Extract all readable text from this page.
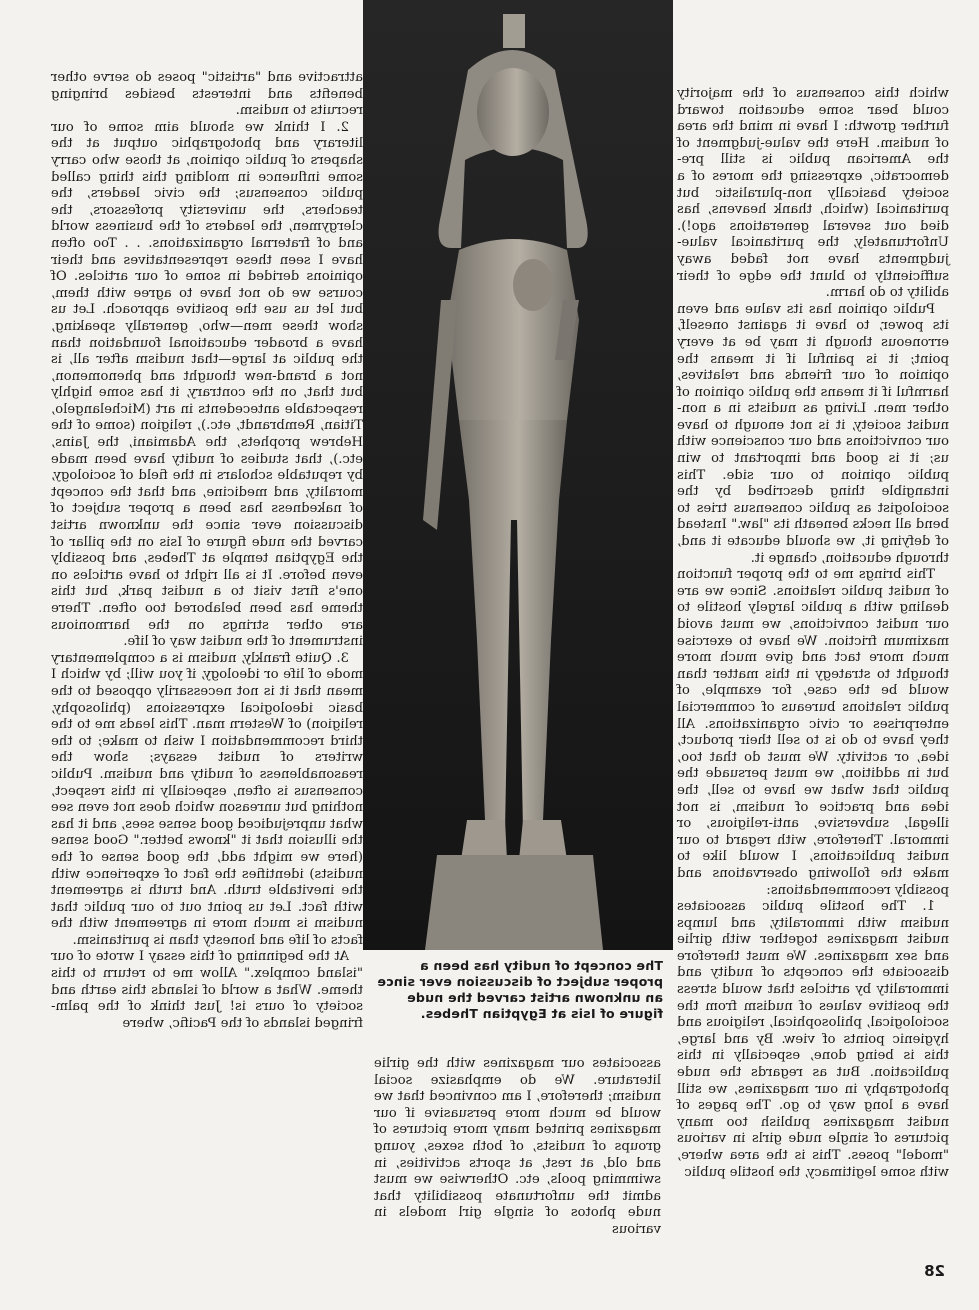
attractive and "artistic" poses do serve other benefits and interests besides bringing recruits to nudism.

2. I think we should aim some of our literary and photographic output at the shapers of public opinion, at those who carry some influence in molding this thing called public consensus; the civic leaders, the teachers, the university professors, the clergymen, the leaders of the business world and of fraternal organizations. . . Too often have I seen these representatives and their opinions derided in some of our articles. Of course we do not have to agree with them, but let us use the positive approach. Let us show these men—who, generally speaking, have a broader educational foundation than the public at large—that nudism after all, is not a brand-new thought and phenomenon, but that, on the contrary, it has some highly respectable antecedents in art (Michelangelo, Titian, Rembrandt, etc.), religion (some of the Hebrew prophets, the Adamiani, the Jains, etc.), that studies of nudity have been made by reputable scholars in the field of sociology, morality, and medicine, and that the concept of nakedness has been a proper subject of discussion ever since the unknown artist carved the nude figure of Isis on the pillar of the Egyptian temple at Thebes, and possibly even before. It is all right to have articles on one's first visit to a nudist park, but this theme has been belabored too often. There are other strings on the harmonious instrument of the nudist way of life.

3. Quite frankly, nudism is a complementary mode of life or ideology, if you will; by which I mean that it is not necessarily opposed to the basic ideological expressions (philosophy, religion) of Western man. This leads me to the third recommendation I wish to make; to the writers of nudist essays; show the reasonableness of nudity and nudism. Public consensus is often, especially in this respect, nothing but unreason which does not even see what unprejudiced good sense sees, and it has the illusion that it "knows better." Good sense (here we might add, the good sense of the nudists) identifies the fact of experience with the inevitable truth. And truth is agreement with fact. Let us point out to our public that nudism is much more in agreement with the facts of life and honesty than is puritanism.

At the beginning of this essay I wrote of our "island complex." Allow me to return to this theme. What a world of islands this earth and society of ours is! Just think of the palm-fringed islands of the Pacific, where

The concept of nudity has been a proper subject of discussion ever since an unknown artist carved the nude figure of Isis at Egyptian Thebes.

associates our magazines with the girlie literature. We do emphasize social nudism; therefore, I am convinced that we would be much more persuasive if our magazines printed many more pictures of groups of nudists, of both sexes, young and old, at rest, at sports activities, in swimming pools, etc. Otherwise we must admit the unfortunate possibility that nude photos of single girl models in various

which this consensus of the majority could bear some education toward further growth: I have in mind the area of nudism. Here the value-judgment of the American public is still pre-democratic, expressing the mores of a society basically non-pluralistic but puritanical (which, thank heavens, has died out several generations ago!). Unfortunately, the puritanical value-judgments have not faded away sufficiently to blunt the edge of their ability to do harm.

Public opinion has its value and even its power, to have it against oneself, erroneous though it may be at every point; it is painful if it means the opinion of our friends and relatives, harmful if it means the public opinion of other men. Living as nudists in a non-nudist society, it is not enough to have our convictions and our conscience with us; it is good and important to win public opinion to our side. This intangible thing described by the sociologist as public consensus tries to bend all necks beneath its "law." Instead of defying it, we should educate it and, through education, change it.

This brings me to the proper function of nudist public relations. Since we are dealing with a public largely hostile to our nudist convictions, we must avoid maximum friction. We have to exercise much more tact and give much more thought to strategy in this matter than would be the case, for example, of public relations bureaus of commercial enterprises or civic organizations. All they have to do is to sell their product, idea, or activity. We must do that too, but in addition, we must persuade the public that what we have to sell, the idea and practice of nudism, is not illegal, subversive, anti-religious, or immoral. Therefore, with regard to our nudist publications, I would like to make the following observations and possibly recommendations:

1. The hostile public associates nudism with immorality, and lumps nudist magazines together with girlie and sex magazines. We must therefore dissociate the concepts of nudity and immorality by articles that would stress the positive values of nudism from the sociological, philosophical, religious and hygienic points of view. By and large, this is being done, especially in this publication. But as regards the nude photography in our magazines, we still have a long way to go. The pages of nudist magazines publish too many pictures of single nude girls in various "model" poses. This is the area where, with some legitimacy, the hostile public

28
